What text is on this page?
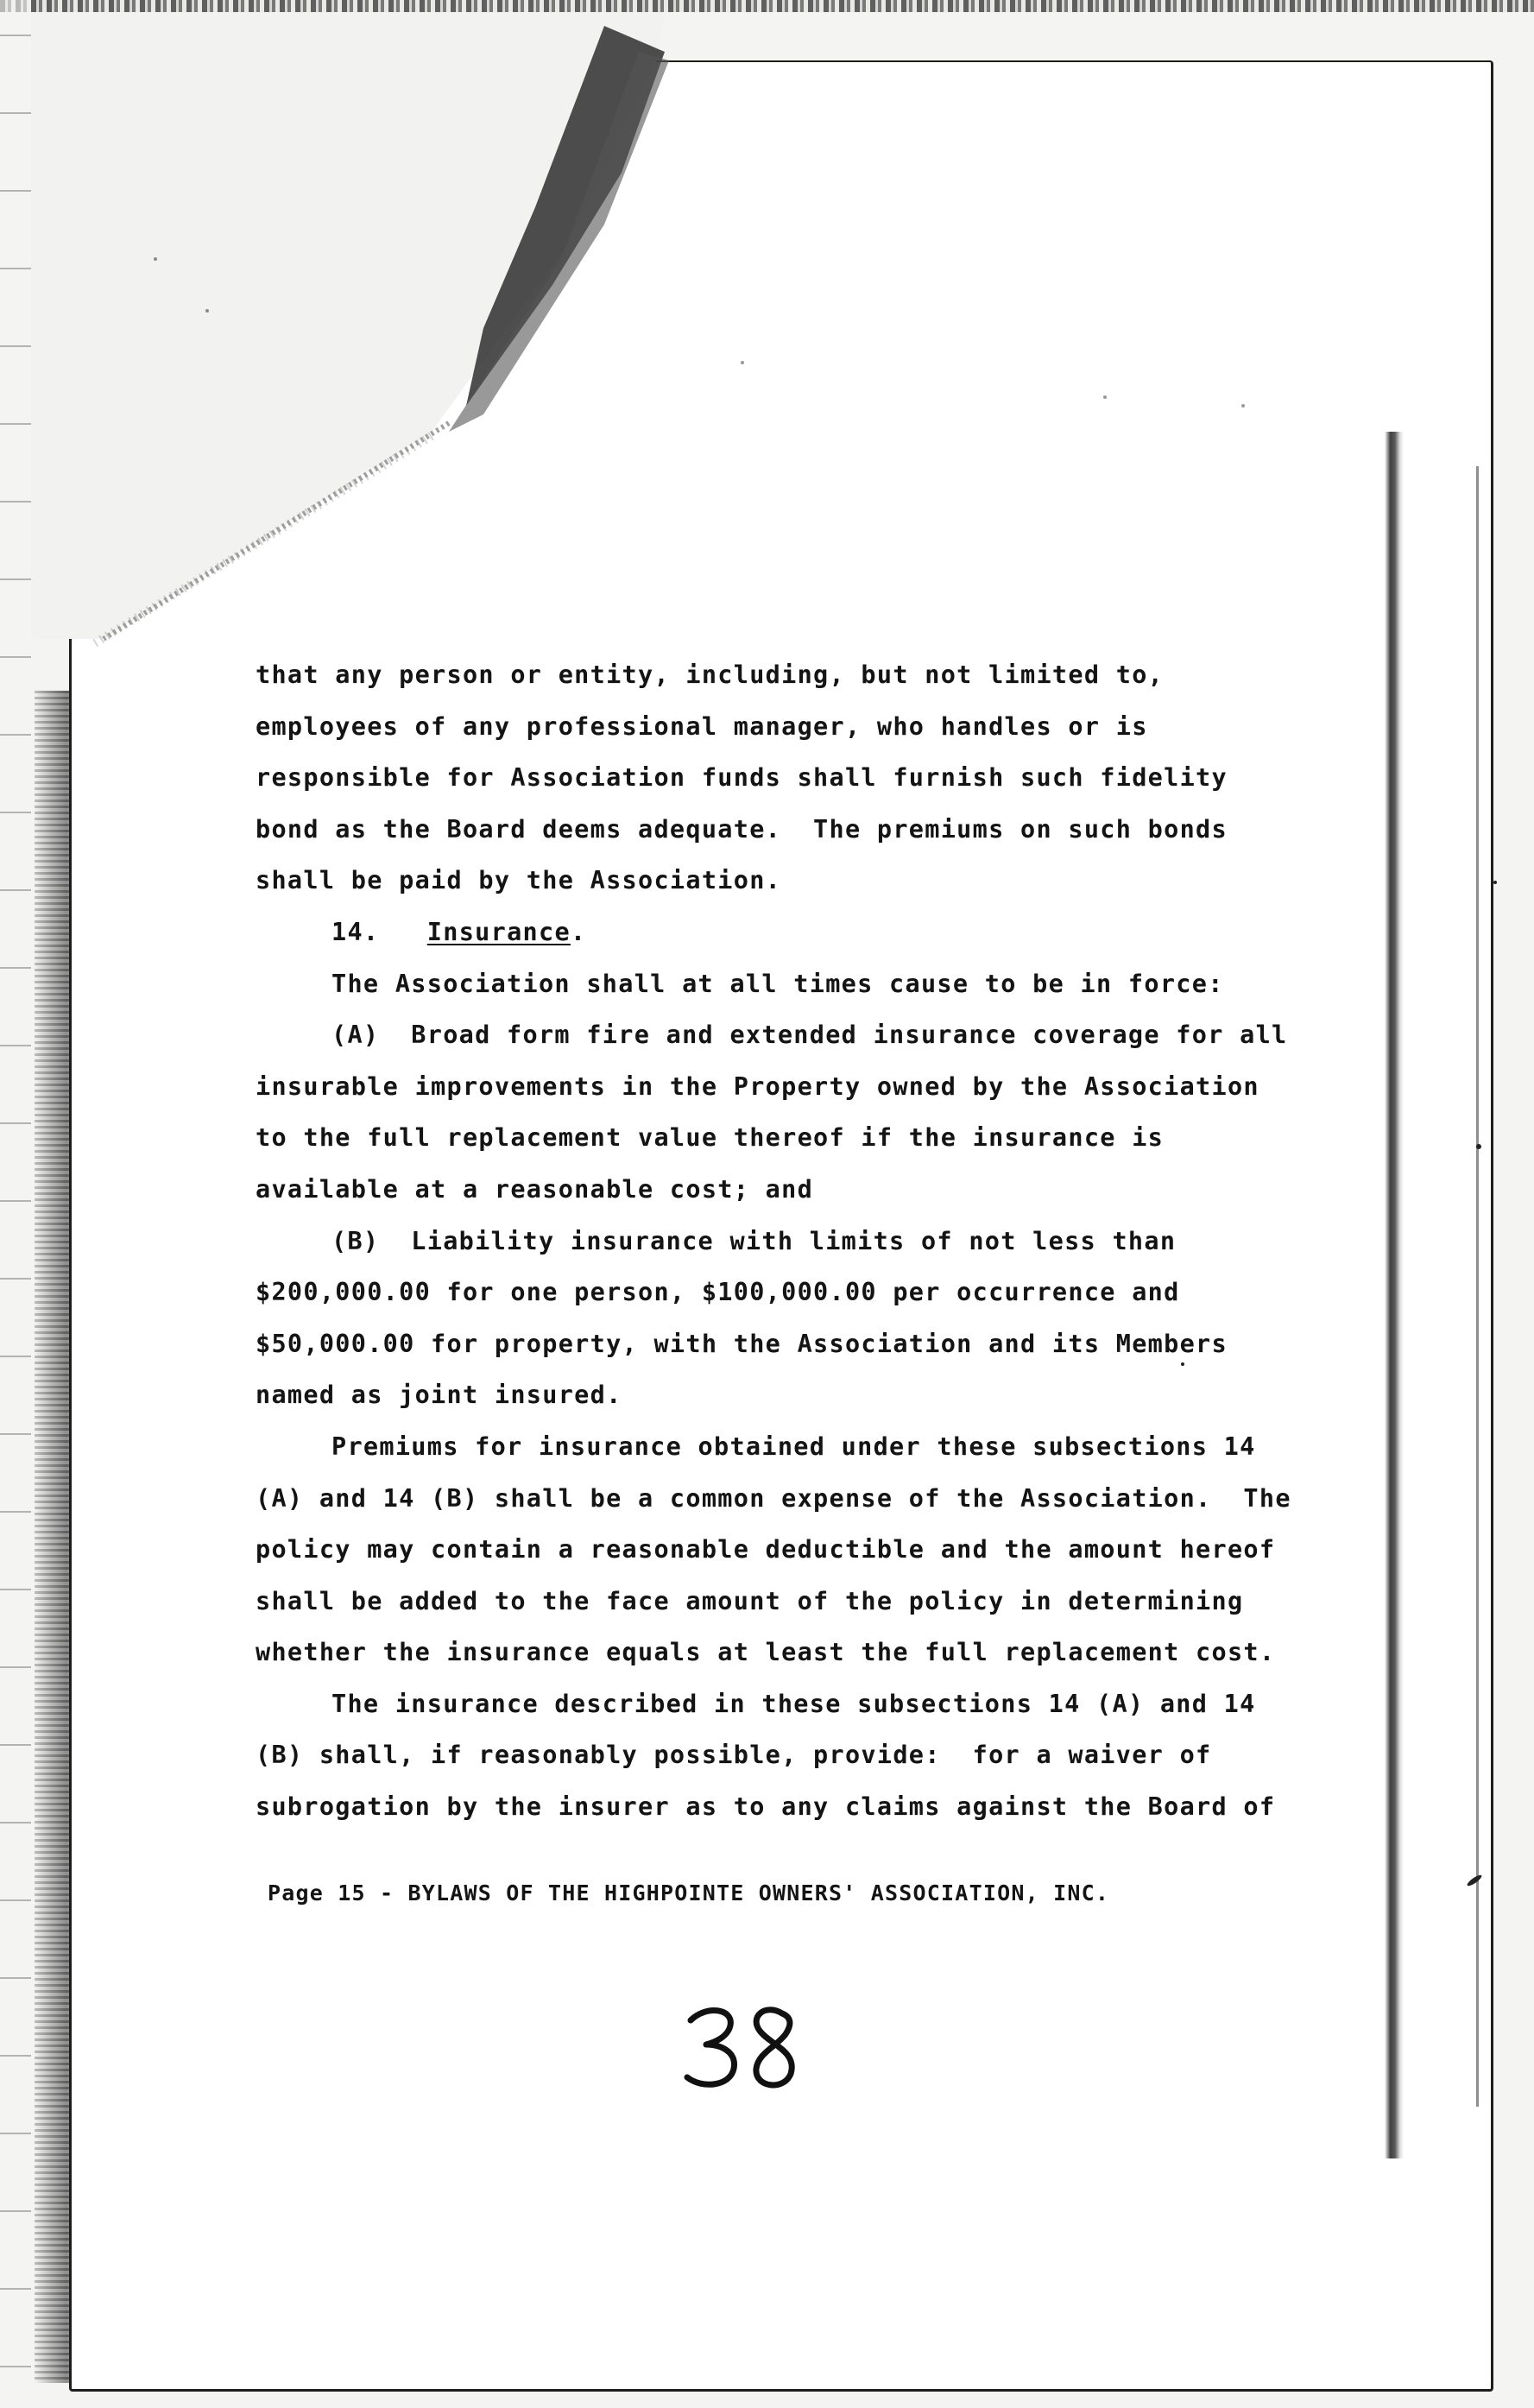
that any person or entity, including, but not limited to,
employees of any professional manager, who handles or is
responsible for Association funds shall furnish such fidelity
bond as the Board deems adequate.  The premiums on such bonds
shall be paid by the Association.
14. Insurance.
The Association shall at all times cause to be in force:
(A)  Broad form fire and extended insurance coverage for all
insurable improvements in the Property owned by the Association
to the full replacement value thereof if the insurance is
available at a reasonable cost; and
(B)  Liability insurance with limits of not less than
$200,000.00 for one person, $100,000.00 per occurrence and
$50,000.00 for property, with the Association and its Members
named as joint insured.
Premiums for insurance obtained under these subsections 14
(A) and 14 (B) shall be a common expense of the Association.  The
policy may contain a reasonable deductible and the amount hereof
shall be added to the face amount of the policy in determining
whether the insurance equals at least the full replacement cost.
The insurance described in these subsections 14 (A) and 14
(B) shall, if reasonably possible, provide:  for a waiver of
subrogation by the insurer as to any claims against the Board of
Page 15 - BYLAWS OF THE HIGHPOINTE OWNERS' ASSOCIATION, INC.
